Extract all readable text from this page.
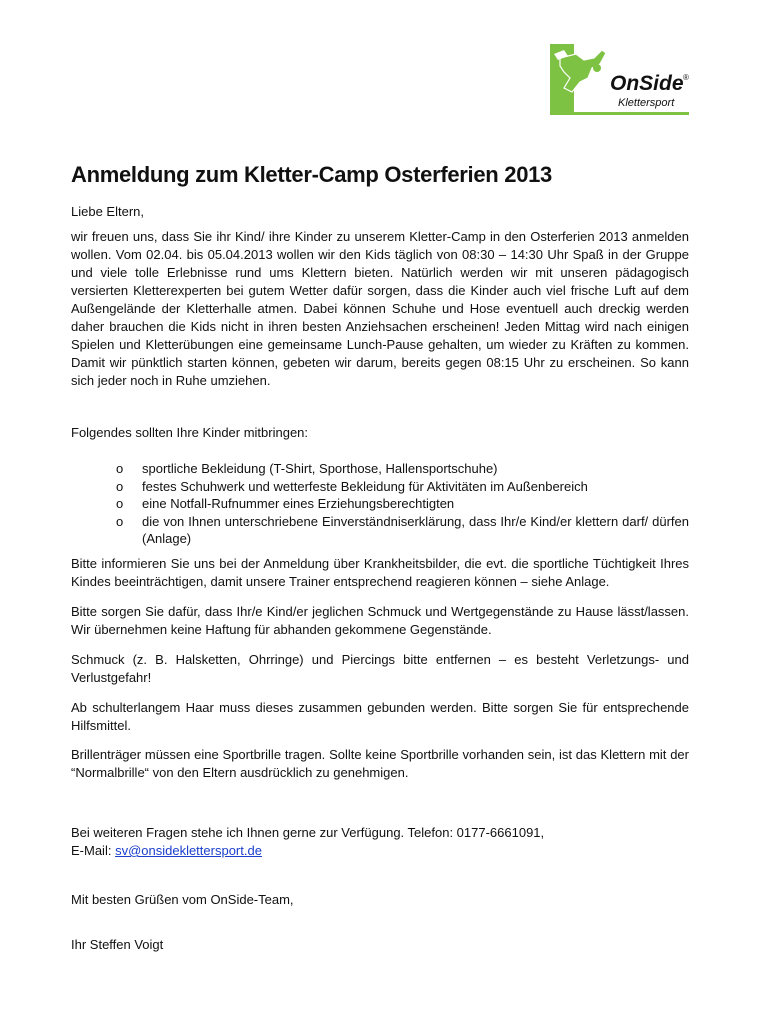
OnSide ®
Klettersport
Anmeldung zum Kletter-Camp Osterferien 2013

Liebe Eltern,

wir freuen uns, dass Sie ihr Kind/ ihre Kinder zu unserem Kletter-Camp in den Osterferien 2013 anmelden wollen. Vom 02.04. bis 05.04.2013 wollen wir den Kids täglich von 08:30 – 14:30 Uhr Spaß in der Gruppe und viele tolle Erlebnisse rund ums Klettern bieten. Natürlich werden wir mit unseren pädagogisch versierten Kletterexperten bei gutem Wetter dafür sorgen, dass die Kinder auch viel frische Luft auf dem Außengelände der Kletterhalle atmen. Dabei können Schuhe und Hose eventuell auch dreckig werden daher brauchen die Kids nicht in ihren besten Anziehsachen erscheinen! Jeden Mittag wird nach einigen Spielen und Kletterübungen eine gemeinsame Lunch-Pause gehalten, um wieder zu Kräften zu kommen. Damit wir pünktlich starten können, gebeten wir darum, bereits gegen 08:15 Uhr zu erscheinen. So kann sich jeder noch in Ruhe umziehen.

Folgendes sollten Ihre Kinder mitbringen:

o sportliche Bekleidung (T-Shirt, Sporthose, Hallensportschuhe)
o festes Schuhwerk und wetterfeste Bekleidung für Aktivitäten im Außenbereich
o eine Notfall-Rufnummer eines Erziehungsberechtigten
o die von Ihnen unterschriebene Einverständniserklärung, dass Ihr/e Kind/er klettern darf/ dürfen (Anlage)

Bitte informieren Sie uns bei der Anmeldung über Krankheitsbilder, die evt. die sportliche Tüchtigkeit Ihres Kindes beeinträchtigen, damit unsere Trainer entsprechend reagieren können – siehe Anlage.

Bitte sorgen Sie dafür, dass Ihr/e Kind/er jeglichen Schmuck und Wertgegenstände zu Hause lässt/lassen. Wir übernehmen keine Haftung für abhanden gekommene Gegenstände.

Schmuck (z. B. Halsketten, Ohrringe) und Piercings bitte entfernen – es besteht Verletzungs- und Verlustgefahr!

Ab schulterlangem Haar muss dieses zusammen gebunden werden. Bitte sorgen Sie für entsprechende Hilfsmittel.

Brillenträger müssen eine Sportbrille tragen. Sollte keine Sportbrille vorhanden sein, ist das Klettern mit der “Normalbrille“ von den Eltern ausdrücklich zu genehmigen.

Bei weiteren Fragen stehe ich Ihnen gerne zur Verfügung. Telefon: 0177-6661091,
E-Mail: sv@onsideklettersport.de

Mit besten Grüßen vom OnSide-Team,

Ihr Steffen Voigt
